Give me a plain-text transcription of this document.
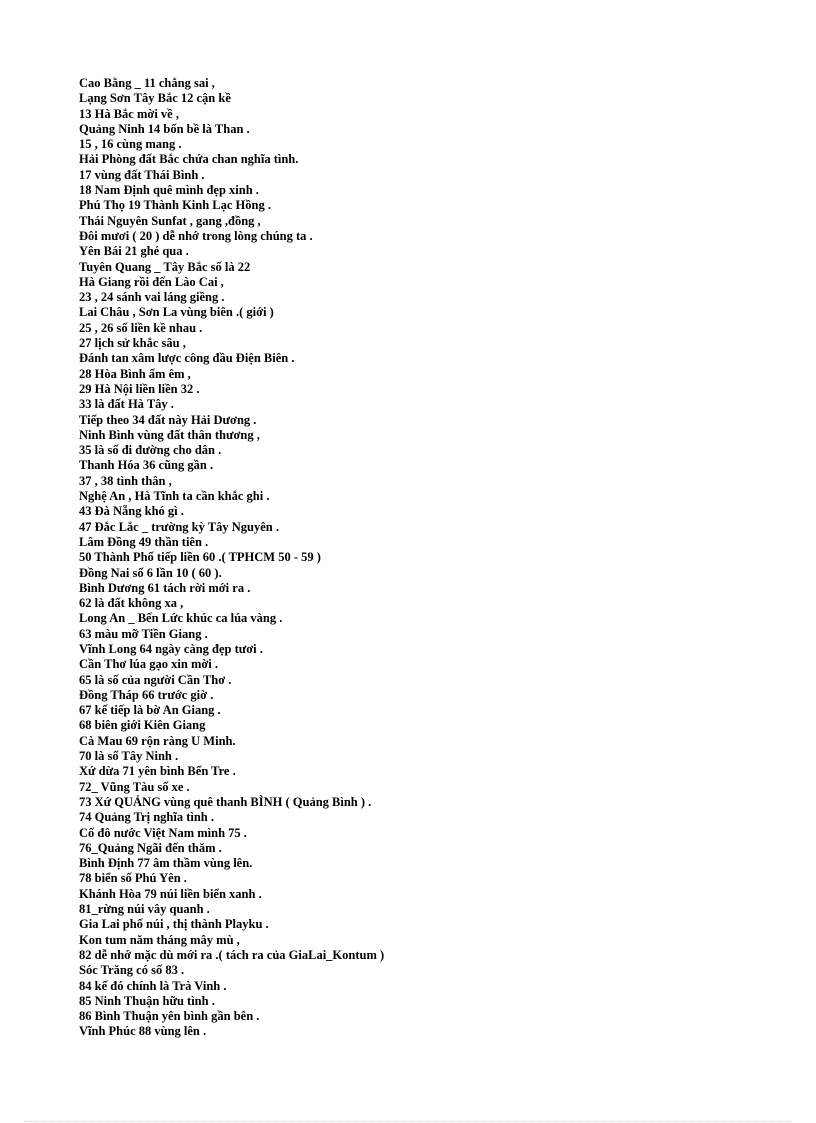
Cao Bằng _ 11 chẳng sai ,
Lạng Sơn Tây Bắc 12 cận kề
13 Hà Bắc mời về ,
Quảng Ninh 14 bốn bề là Than .
15 , 16 cùng mang .
Hải Phòng đất Bắc chứa chan nghĩa tình.
17 vùng đất Thái Bình .
18 Nam Định quê mình đẹp xinh .
Phú Thọ 19 Thành Kinh Lạc Hồng .
Thái Nguyên Sunfat , gang ,đồng ,
Đôi mươi ( 20 ) dễ nhớ trong lòng chúng ta .
Yên Bái 21 ghé qua .
Tuyên Quang _ Tây Bắc số là 22
Hà Giang rồi đến Lào Cai ,
23 , 24 sánh vai láng giềng .
Lai Châu , Sơn La vùng biên .( giới )
25 , 26 số liền kề nhau .
27 lịch sử khắc sâu ,
Đánh tan xâm lược công đầu Điện Biên .
28 Hòa Bình ấm êm ,
29 Hà Nội liền liền 32 .
33 là đất Hà Tây .
Tiếp theo 34 đất này Hải Dương .
Ninh Bình vùng đất thân thương ,
35 là số đi đường cho dân .
Thanh Hóa 36 cũng gần .
37 , 38 tình thân ,
Nghệ An , Hà Tĩnh ta cần khắc ghi .
43 Đà Nẵng khó gì .
47 Đắc Lắc _ trường kỳ Tây Nguyên .
Lâm Đồng 49 thần tiên .
50 Thành Phố tiếp liền 60 .( TPHCM 50 - 59 )
Đồng Nai số 6 lần 10 ( 60 ).
Bình Dương 61 tách rời mới ra .
62 là đất không xa ,
Long An _ Bến Lức khúc ca lúa vàng .
63 màu mỡ Tiền Giang .
Vĩnh Long 64 ngày càng đẹp tươi .
Cần Thơ lúa gạo xin mời .
65 là số của người Cần Thơ .
Đồng Tháp 66 trước giờ .
67 kế tiếp là bờ An Giang .
68 biên giới Kiên Giang
Cà Mau 69 rộn ràng U Minh.
70 là số Tây Ninh .
Xứ dừa 71 yên bình Bến Tre .
72_ Vũng Tàu số xe .
73 Xứ QUẢNG vùng quê thanh BÌNH ( Quảng Bình ) .
74 Quảng Trị nghĩa tình .
Cố đô nước Việt Nam mình 75 .
76_Quảng Ngãi đến thăm .
Bình Định 77 âm thầm vùng lên.
78 biển số Phú Yên .
Khánh Hòa 79 núi liền biển xanh .
81_rừng núi vây quanh .
Gia Lai phố núi , thị thành Playku .
Kon tum năm tháng mây mù ,
82 dễ nhớ mặc dù mới ra .( tách ra của GiaLai_Kontum )
Sóc Trăng có số 83 .
84 kế đó chính là Trà Vinh .
85 Ninh Thuận hữu tình .
86 Bình Thuận yên bình gần bên .
Vĩnh Phúc 88 vùng lên .
